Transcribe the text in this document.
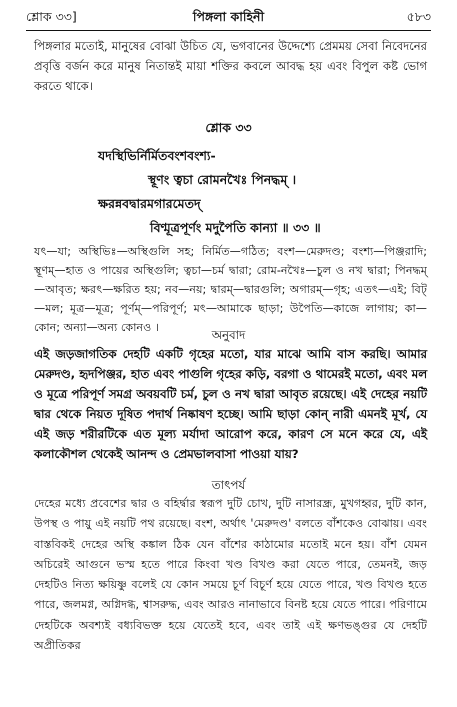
শ্লোক ৩৩]	পিঙ্গলা কাহিনী	৫৮৩

পিঙ্গলার মতোই, মানুষের বোঝা উচিত যে, ভগবানের উদ্দেশ্যে প্রেমময় সেবা নিবেদনের প্রবৃত্তি বর্জন করে মানুষ নিতান্তই মায়া শক্তির কবলে আবদ্ধ হয় এবং বিপুল কষ্ট ভোগ করতে থাকে।

শ্লোক ৩৩
যদস্থিভির্নির্মিতবংশবংশ্য-
স্থূণং ত্বচা রোমনখৈঃ পিনদ্ধম্ ।
ক্ষরন্নবদ্বারমগারমেতদ্
বিণ্মূত্রপূর্ণং মদুপৈতি কান্যা ॥ ৩৩ ॥

যৎ—যা; অস্থিভিঃ—অস্থিগুলি সহ; নির্মিত—গঠিত; বংশ—মেরুদণ্ড; বংশ্য—পিঞ্জরাদি; স্থূণম্—হাত ও পায়ের অস্থিগুলি; ত্বচা—চর্ম দ্বারা; রোম-নখৈঃ—চুল ও নখ দ্বারা; পিনদ্ধম্—আবৃত; ক্ষরৎ—ক্ষরিত হয়; নব—নয়; দ্বারম্—দ্বারগুলি; অগারম্—গৃহ; এতৎ—এই; বিট্—মল; মূত্র—মূত্র; পূর্ণম্—পরিপূর্ণ; মৎ—আমাকে ছাড়া; উপৈতি—কাজে লাগায়; কা—কোন; অন্যা—অন্য কোনও ।

অনুবাদ

এই জড়জাগতিক দেহটি একটি গৃহের মতো, যার মাঝে আমি বাস করছি। আমার মেরুদণ্ড, হৃদপিঞ্জর, হাত এবং পাগুলি গৃহের কড়ি, বরগা ও থামেরই মতো, এবং মল ও মূত্রে পরিপূর্ণ সমগ্র অবয়বটি চর্ম, চুল ও নখ দ্বারা আবৃত রয়েছে। এই দেহের নয়টি দ্বার থেকে নিয়ত দূষিত পদার্থ নিষ্কাষণ হচ্ছে। আমি ছাড়া কোন্ নারী এমনই মূর্খ, যে এই জড় শরীরটিকে এত মূল্য মর্যাদা আরোপ করে, কারণ সে মনে করে যে, এই কলাকৌশল থেকেই আনন্দ ও প্রেমভালবাসা পাওয়া যায়?

তাৎপর্য

দেহের মধ্যে প্রবেশের দ্বার ও বহির্দ্বার স্বরূপ দুটি চোখ, দুটি নাসারন্ধ্র, মুখগহ্বর, দুটি কান, উপস্থ ও পায়ু এই নয়টি পথ রয়েছে। বংশ, অর্থাৎ 'মেরুদণ্ড' বলতে বাঁশকেও বোঝায়। এবং বাস্তবিকই দেহের অস্থি কঙ্কাল ঠিক যেন বাঁশের কাঠামোর মতোই মনে হয়। বাঁশ যেমন অচিরেই আগুনে ভস্ম হতে পারে কিংবা খণ্ড বিখণ্ড করা যেতে পারে, তেমনই, জড় দেহটিও নিত্য ক্ষয়িষ্ণু বলেই যে কোন সময়ে চূর্ণ বিচূর্ণ হয়ে যেতে পারে, খণ্ড বিখণ্ড হতে পারে, জলমগ্ন, অগ্নিদগ্ধ, শ্বাসরুদ্ধ, এবং আরও নানাভাবে বিনষ্ট হয়ে যেতে পারে। পরিণামে দেহটিকে অবশ্যই বধ্যবিভক্ত হয়ে যেতেই হবে, এবং তাই এই ক্ষণভঙ্গুর যে দেহটি অপ্রীতিকর
